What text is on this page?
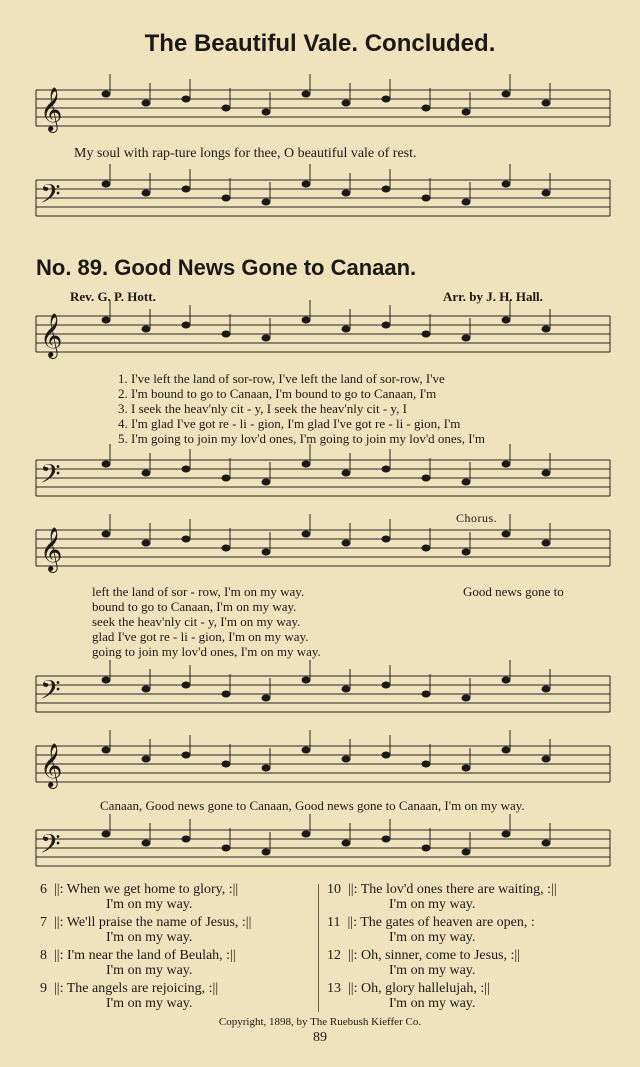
The Beautiful Vale. Concluded.
𝄞
My soul with rap-ture longs for thee, O beautiful vale of rest.
𝄢
No. 89. Good News Gone to Canaan.
Rev. G. P. Hott.	Arr. by J. H. Hall.
𝄞
1. I've left the land of sor-row, I've left the land of sor-row, I've
2. I'm bound to go to Canaan, I'm bound to go to Canaan, I'm
3. I seek the heav'nly cit - y, I seek the heav'nly cit - y, I
4. I'm glad I've got re - li - gion, I'm glad I've got re - li - gion, I'm
5. I'm going to join my lov'd ones, I'm going to join my lov'd ones, I'm
𝄢
Chorus.
𝄞
Good news gone to
left the land of sor - row, I'm on my way.
bound to go to Canaan, I'm on my way.
seek the heav'nly cit - y, I'm on my way.
glad I've got re - li - gion, I'm on my way.
going to join my lov'd ones, I'm on my way.
𝄢
𝄞
Canaan, Good news gone to Canaan, Good news gone to Canaan, I'm on my way.
𝄢
6 ||: When we get home to glory, :||
I'm on my way.
7 ||: We'll praise the name of Jesus, :||
I'm on my way.
8 ||: I'm near the land of Beulah, :||
I'm on my way.
9 ||: The angels are rejoicing, :||
I'm on my way.
10 ||: The lov'd ones there are waiting, :||
I'm on my way.
11 ||: The gates of heaven are open, :
I'm on my way.
12 ||: Oh, sinner, come to Jesus, :||
I'm on my way.
13 ||: Oh, glory hallelujah, :||
I'm on my way.
Copyright, 1898, by The Ruebush Kieffer Co.
89
